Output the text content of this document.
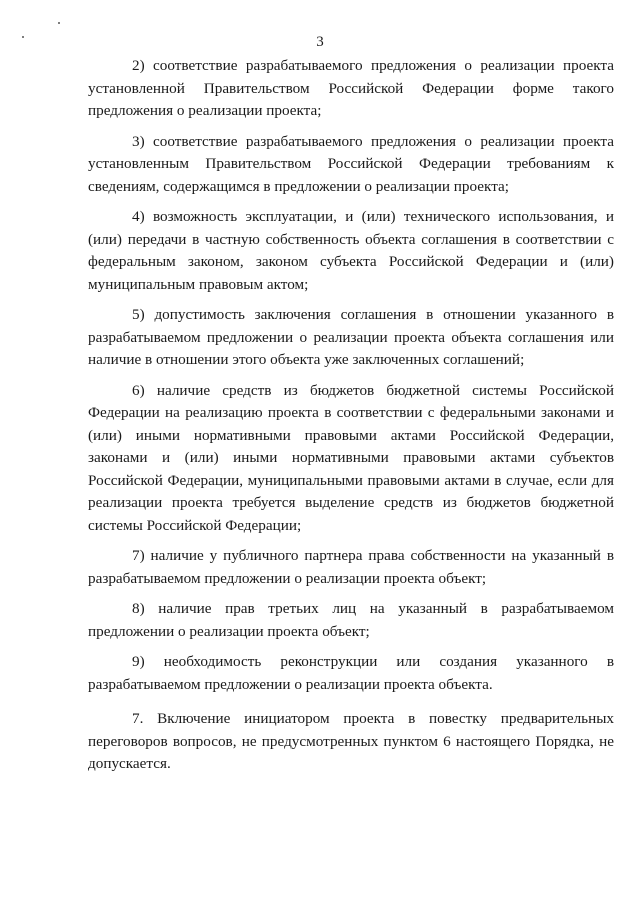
3

2) соответствие разрабатываемого предложения о реализации проекта установленной Правительством Российской Федерации форме такого предложения о реализации проекта;

3) соответствие разрабатываемого предложения о реализации проекта установленным Правительством Российской Федерации требованиям к сведениям, содержащимся в предложении о реализации проекта;

4) возможность эксплуатации, и (или) технического использования, и (или) передачи в частную собственность объекта соглашения в соответствии с федеральным законом, законом субъекта Российской Федерации и (или) муниципальным правовым актом;

5) допустимость заключения соглашения в отношении указанного в разрабатываемом предложении о реализации проекта объекта соглашения или наличие в отношении этого объекта уже заключенных соглашений;

6) наличие средств из бюджетов бюджетной системы Российской Федерации на реализацию проекта в соответствии с федеральными законами и (или) иными нормативными правовыми актами Российской Федерации, законами и (или) иными нормативными правовыми актами субъектов Российской Федерации, муниципальными правовыми актами в случае, если для реализации проекта требуется выделение средств из бюджетов бюджетной системы Российской Федерации;

7) наличие у публичного партнера права собственности на указанный в разрабатываемом предложении о реализации проекта объект;

8) наличие прав третьих лиц на указанный в разрабатываемом предложении о реализации проекта объект;

9) необходимость реконструкции или создания указанного в разрабатываемом предложении о реализации проекта объекта.

7. Включение инициатором проекта в повестку предварительных переговоров вопросов, не предусмотренных пунктом 6 настоящего Порядка, не допускается.
